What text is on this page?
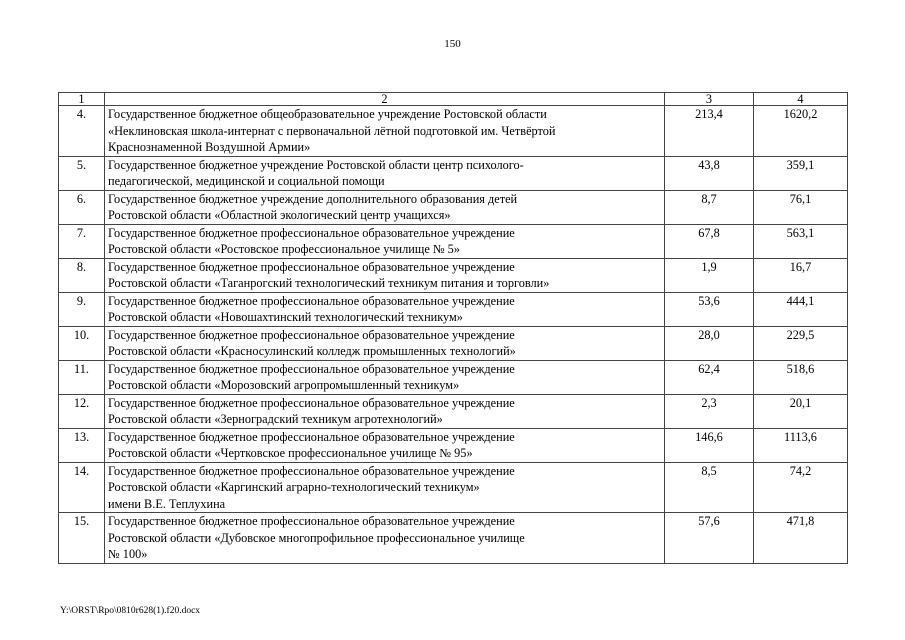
150
1	2	3	4
4.	Государственное бюджетное общеобразовательное учреждение Ростовской области
«Неклиновская школа-интернат с первоначальной лётной подготовкой им. Четвёртой
Краснознаменной Воздушной Армии»	213,4	1620,2
5.	Государственное бюджетное учреждение Ростовской области центр психолого-
педагогической, медицинской и социальной помощи	43,8	359,1
6.	Государственное бюджетное учреждение дополнительного образования детей
Ростовской области «Областной экологический центр учащихся»	8,7	76,1
7.	Государственное бюджетное профессиональное образовательное учреждение
Ростовской области «Ростовское профессиональное училище № 5»	67,8	563,1
8.	Государственное бюджетное профессиональное образовательное учреждение
Ростовской области «Таганрогский технологический техникум питания и торговли»	1,9	16,7
9.	Государственное бюджетное профессиональное образовательное учреждение
Ростовской области «Новошахтинский технологический техникум»	53,6	444,1
10.	Государственное бюджетное профессиональное образовательное учреждение
Ростовской области «Красносулинский колледж промышленных технологий»	28,0	229,5
11.	Государственное бюджетное профессиональное образовательное учреждение
Ростовской области «Морозовский агропромышленный техникум»	62,4	518,6
12.	Государственное бюджетное профессиональное образовательное учреждение
Ростовской области «Зерноградский техникум агротехнологий»	2,3	20,1
13.	Государственное бюджетное профессиональное образовательное учреждение
Ростовской области «Чертковское профессиональное училище № 95»	146,6	1113,6
14.	Государственное бюджетное профессиональное образовательное учреждение
Ростовской области «Каргинский аграрно-технологический техникум»
имени В.Е. Теплухина	8,5	74,2
15.	Государственное бюджетное профессиональное образовательное учреждение
Ростовской области «Дубовское многопрофильное профессиональное училище
№ 100»	57,6	471,8
Y:\ORST\Rpo\0810r628(1).f20.docx
